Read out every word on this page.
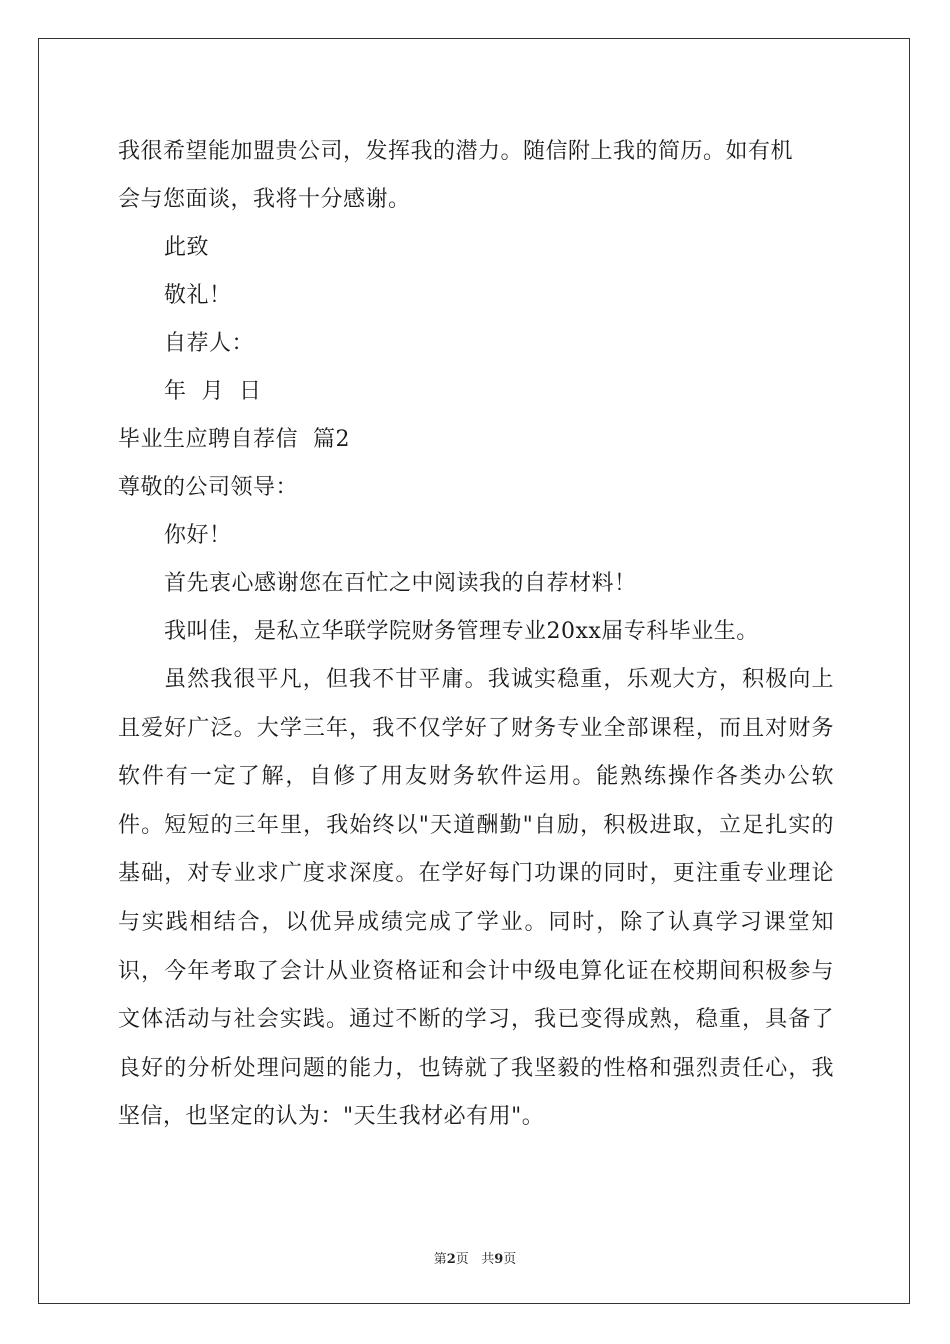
我很希望能加盟贵公司，发挥我的潜力。随信附上我的简历。如有机
会与您面谈，我将十分感谢。
此致
敬礼！
自荐人：
年  月  日
毕业生应聘自荐信  篇2
尊敬的公司领导：
你好！
首先衷心感谢您在百忙之中阅读我的自荐材料！
我叫佳，是私立华联学院财务管理专业20xx届专科毕业生。

虽然我很平凡，但我不甘平庸。我诚实稳重，乐观大方，积极向上且爱好广泛。大学三年，我不仅学好了财务专业全部课程，而且对财务软件有一定了解，自修了用友财务软件运用。能熟练操作各类办公软件。短短的三年里，我始终以"天道酬勤"自励，积极进取，立足扎实的基础，对专业求广度求深度。在学好每门功课的同时，更注重专业理论与实践相结合，以优异成绩完成了学业。同时，除了认真学习课堂知识，今年考取了会计从业资格证和会计中级电算化证在校期间积极参与文体活动与社会实践。通过不断的学习，我已变得成熟，稳重，具备了良好的分析处理问题的能力，也铸就了我坚毅的性格和强烈责任心，我坚信，也坚定的认为："天生我材必有用"。

第2页   共9页
